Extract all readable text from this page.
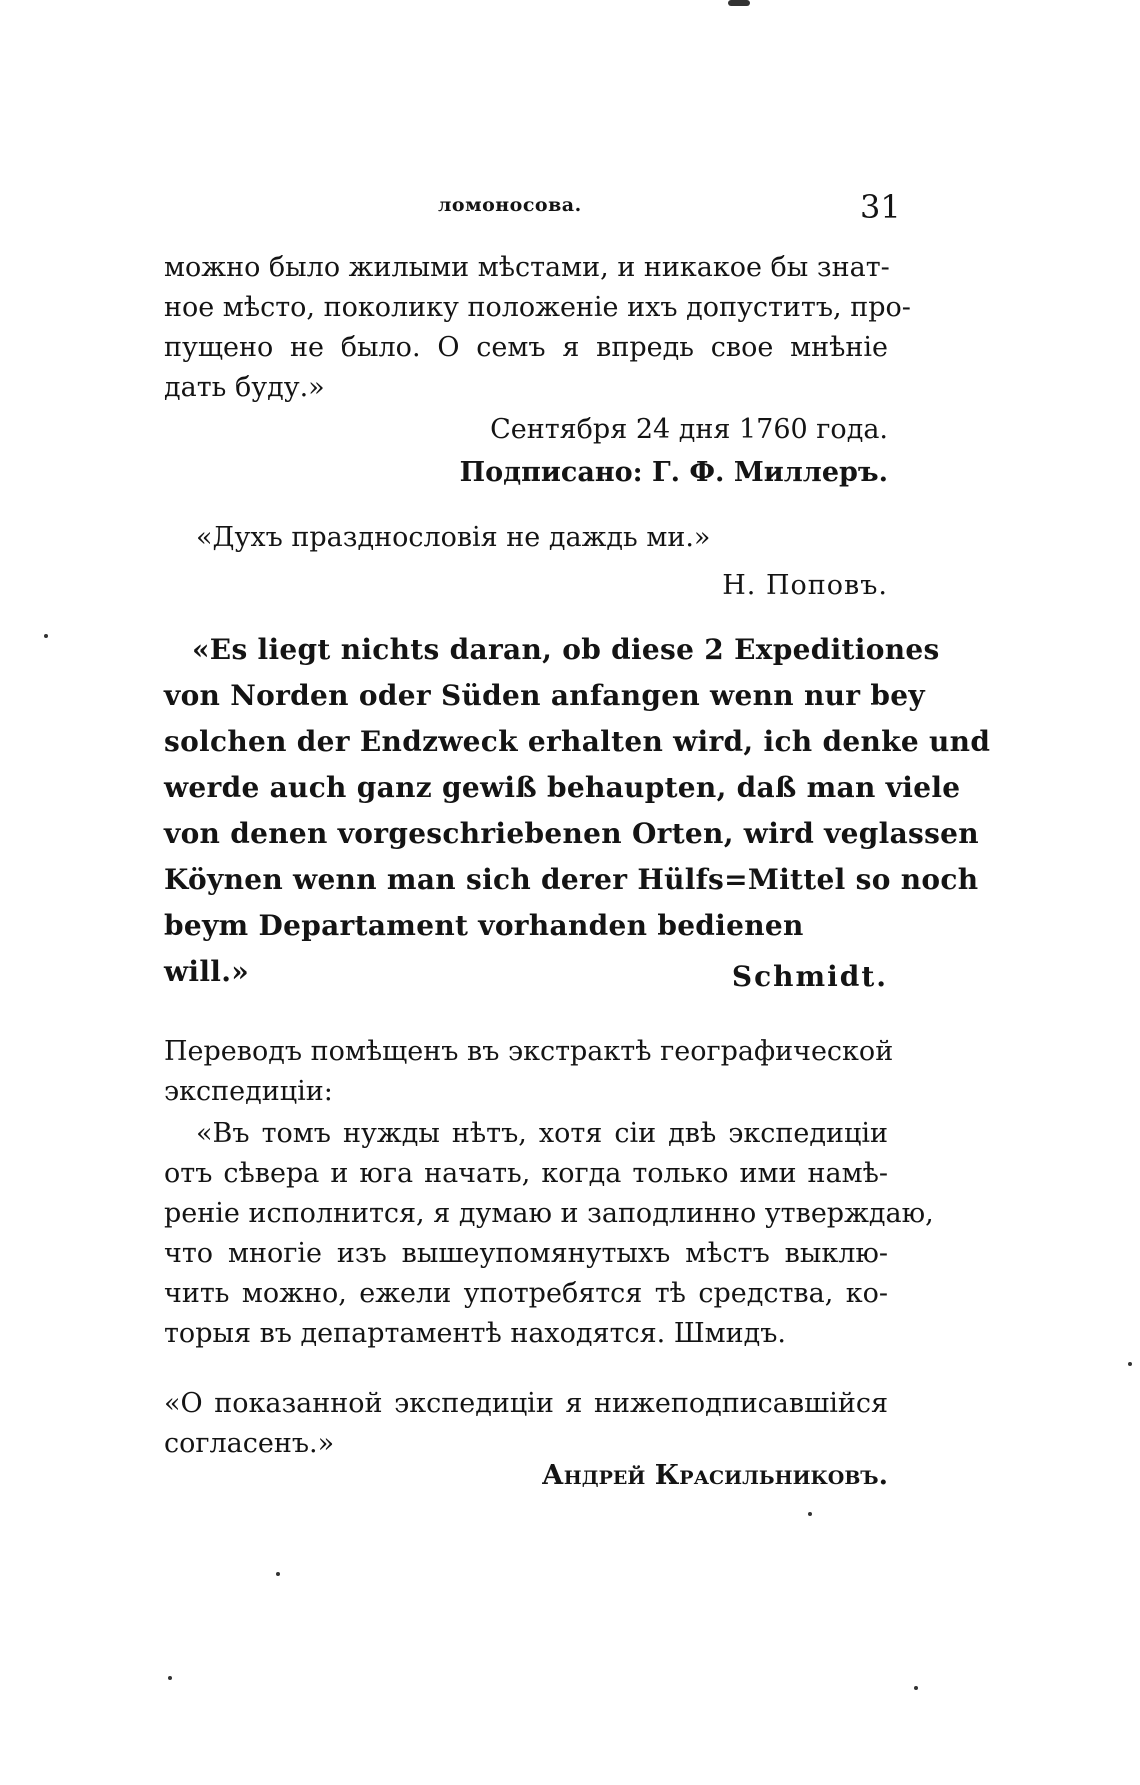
ломоносова.	31
можно было жилыми мѣстами, и никакое бы знат-
ное мѣсто, поколику положеніе ихъ допуститъ, про-
пущено не было. О семъ я впредь свое мнѣніе
дать буду.»
Сентября 24 дня 1760 года.
Подписано: Г. Ф. Миллеръ.
«Духъ празднословія не даждь ми.»
Н. Поповъ.
«Es liegt nichts daran, ob diese 2 Expeditiones
von Norden oder Süden anfangen wenn nur bey
solchen der Endzweck erhalten wird, ich denke und
werde auch ganz gewiß behaupten, daß man viele
von denen vorgeschriebenen Orten, wird veglassen
Köynen wenn man sich derer Hülfs=Mittel so noch
beym Departament vorhanden bedienen will.»	Schmidt.
Переводъ помѣщенъ въ экстрактѣ географической
экспедиціи:
«Въ томъ нужды нѣтъ, хотя сіи двѣ экспедиціи
отъ сѣвера и юга начать, когда только ими намѣ-
реніе исполнится, я думаю и заподлинно утверждаю,
что многіе изъ вышеупомянутыхъ мѣстъ выклю-
чить можно, ежели употребятся тѣ средства, ко-
торыя въ департаментѣ находятся. Шмидъ.
«О показанной экспедиціи я нижеподписавшійся
согласенъ.»
Андрей Красильниковъ.
